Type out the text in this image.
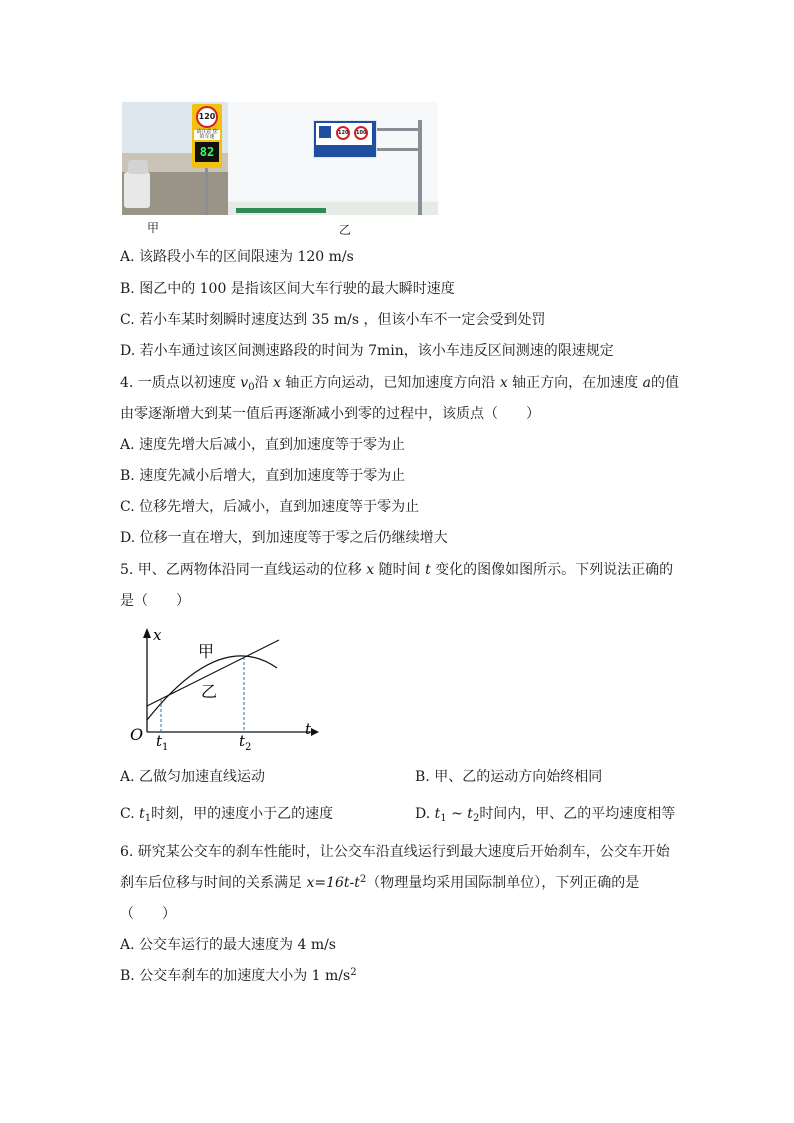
120
请注意 您的车速
82
120	100
甲	乙
A. 该路段小车的区间限速为 120 m/s
B. 图乙中的 100 是指该区间大车行驶的最大瞬时速度
C. 若小车某时刻瞬时速度达到 35 m/s ，但该小车不一定会受到处罚
D. 若小车通过该区间测速路段的时间为 7min，该小车违反区间测速的限速规定
4. 一质点以初速度 $v_0$沿 x 轴正方向运动，已知加速度方向沿 x 轴正方向，在加速度 a的值
由零逐渐增大到某一值后再逐渐减小到零的过程中，该质点（　　）
A. 速度先增大后减小，直到加速度等于零为止
B. 速度先减小后增大，直到加速度等于零为止
C. 位移先增大，后减小，直到加速度等于零为止
D. 位移一直在增大，到加速度等于零之后仍继续增大
5. 甲、乙两物体沿同一直线运动的位移 x 随时间 t 变化的图像如图所示。下列说法正确的
是（　　）
x
t
O t 1	t 2
甲
乙
A. 乙做匀加速直线运动	B. 甲、乙的运动方向始终相同
C. $t_1$时刻，甲的速度小于乙的速度	D. $t_1$ ~ $t_2$时间内，甲、乙的平均速度相等
6. 研究某公交车的刹车性能时，让公交车沿直线运行到最大速度后开始刹车，公交车开始
刹车后位移与时间的关系满足 $x=16t-t^2$（物理量均采用国际制单位），下列正确的是
（　　）
A. 公交车运行的最大速度为 4 m/s
B. 公交车刹车的加速度大小为 1 $m/s^2$
